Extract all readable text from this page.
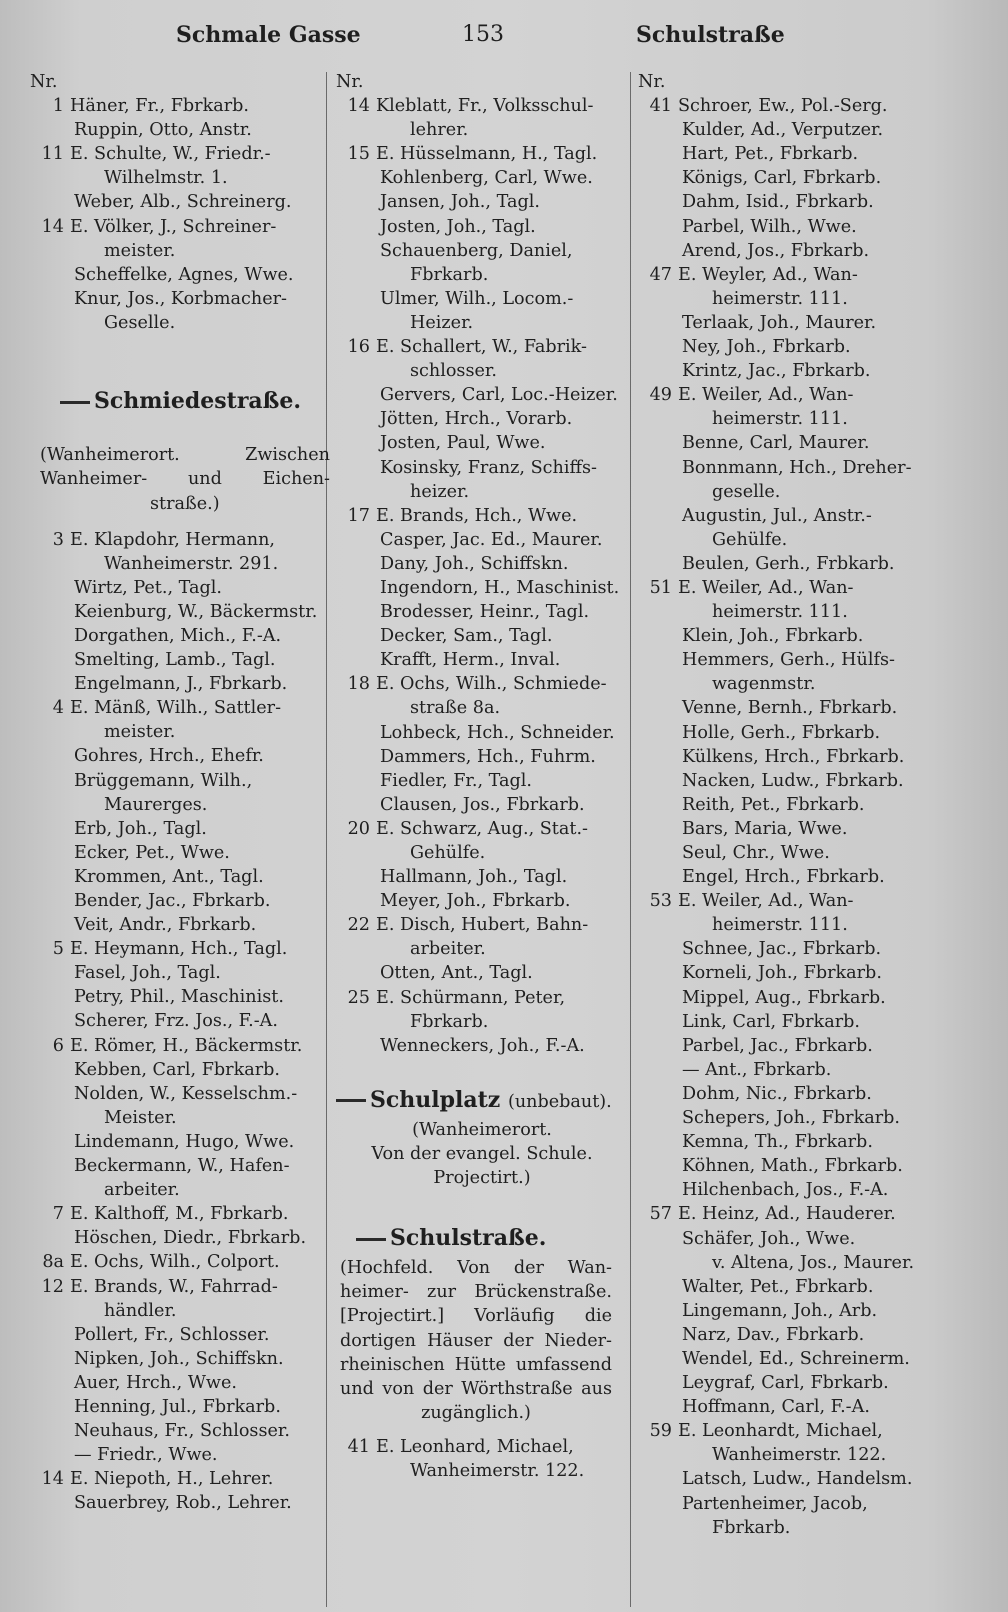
Schmale Gasse	153	Schulstraße
Nr.
1 Häner, Fr., Fbrkarb.
Ruppin, Otto, Anstr.
11 E. Schulte, W., Friedr.-
Wilhelmstr. 1.
Weber, Alb., Schreinerg.
14 E. Völker, J., Schreiner-
meister.
Scheffelke, Agnes, Wwe.
Knur, Jos., Korbmacher-
Geselle.
Schmiedestraße.
(Wanheimerort. Zwischen
Wanheimer- und Eichen-
straße.)
3 E. Klapdohr, Hermann,
Wanheimerstr. 291.
Wirtz, Pet., Tagl.
Keienburg, W., Bäckermstr.
Dorgathen, Mich., F.-A.
Smelting, Lamb., Tagl.
Engelmann, J., Fbrkarb.
4 E. Mänß, Wilh., Sattler-
meister.
Gohres, Hrch., Ehefr.
Brüggemann, Wilh.,
Maurerges.
Erb, Joh., Tagl.
Ecker, Pet., Wwe.
Krommen, Ant., Tagl.
Bender, Jac., Fbrkarb.
Veit, Andr., Fbrkarb.
5 E. Heymann, Hch., Tagl.
Fasel, Joh., Tagl.
Petry, Phil., Maschinist.
Scherer, Frz. Jos., F.-A.
6 E. Römer, H., Bäckermstr.
Kebben, Carl, Fbrkarb.
Nolden, W., Kesselschm.-
Meister.
Lindemann, Hugo, Wwe.
Beckermann, W., Hafen-
arbeiter.
7 E. Kalthoff, M., Fbrkarb.
Höschen, Diedr., Fbrkarb.
8a E. Ochs, Wilh., Colport.
12 E. Brands, W., Fahrrad-
händler.
Pollert, Fr., Schlosser.
Nipken, Joh., Schiffskn.
Auer, Hrch., Wwe.
Henning, Jul., Fbrkarb.
Neuhaus, Fr., Schlosser.
— Friedr., Wwe.
14 E. Niepoth, H., Lehrer.
Sauerbrey, Rob., Lehrer.
Nr.
14 Kleblatt, Fr., Volksschul-
lehrer.
15 E. Hüsselmann, H., Tagl.
Kohlenberg, Carl, Wwe.
Jansen, Joh., Tagl.
Josten, Joh., Tagl.
Schauenberg, Daniel,
Fbrkarb.
Ulmer, Wilh., Locom.-
Heizer.
16 E. Schallert, W., Fabrik-
schlosser.
Gervers, Carl, Loc.-Heizer.
Jötten, Hrch., Vorarb.
Josten, Paul, Wwe.
Kosinsky, Franz, Schiffs-
heizer.
17 E. Brands, Hch., Wwe.
Casper, Jac. Ed., Maurer.
Dany, Joh., Schiffskn.
Ingendorn, H., Maschinist.
Brodesser, Heinr., Tagl.
Decker, Sam., Tagl.
Krafft, Herm., Inval.
18 E. Ochs, Wilh., Schmiede-
straße 8a.
Lohbeck, Hch., Schneider.
Dammers, Hch., Fuhrm.
Fiedler, Fr., Tagl.
Clausen, Jos., Fbrkarb.
20 E. Schwarz, Aug., Stat.-
Gehülfe.
Hallmann, Joh., Tagl.
Meyer, Joh., Fbrkarb.
22 E. Disch, Hubert, Bahn-
arbeiter.
Otten, Ant., Tagl.
25 E. Schürmann, Peter,
Fbrkarb.
Wenneckers, Joh., F.-A.
Schulplatz (unbebaut).
(Wanheimerort.
Von der evangel. Schule.
Projectirt.)
Schulstraße.
(Hochfeld. Von der Wan-
heimer- zur Brückenstraße.
[Projectirt.] Vorläufig die
dortigen Häuser der Nieder-
rheinischen Hütte umfassend
und von der Wörthstraße aus
zugänglich.)
41 E. Leonhard, Michael,
Wanheimerstr. 122.
Nr.
41 Schroer, Ew., Pol.-Serg.
Kulder, Ad., Verputzer.
Hart, Pet., Fbrkarb.
Königs, Carl, Fbrkarb.
Dahm, Isid., Fbrkarb.
Parbel, Wilh., Wwe.
Arend, Jos., Fbrkarb.
47 E. Weyler, Ad., Wan-
heimerstr. 111.
Terlaak, Joh., Maurer.
Ney, Joh., Fbrkarb.
Krintz, Jac., Fbrkarb.
49 E. Weiler, Ad., Wan-
heimerstr. 111.
Benne, Carl, Maurer.
Bonnmann, Hch., Dreher-
geselle.
Augustin, Jul., Anstr.-
Gehülfe.
Beulen, Gerh., Frbkarb.
51 E. Weiler, Ad., Wan-
heimerstr. 111.
Klein, Joh., Fbrkarb.
Hemmers, Gerh., Hülfs-
wagenmstr.
Venne, Bernh., Fbrkarb.
Holle, Gerh., Fbrkarb.
Külkens, Hrch., Fbrkarb.
Nacken, Ludw., Fbrkarb.
Reith, Pet., Fbrkarb.
Bars, Maria, Wwe.
Seul, Chr., Wwe.
Engel, Hrch., Fbrkarb.
53 E. Weiler, Ad., Wan-
heimerstr. 111.
Schnee, Jac., Fbrkarb.
Korneli, Joh., Fbrkarb.
Mippel, Aug., Fbrkarb.
Link, Carl, Fbrkarb.
Parbel, Jac., Fbrkarb.
— Ant., Fbrkarb.
Dohm, Nic., Fbrkarb.
Schepers, Joh., Fbrkarb.
Kemna, Th., Fbrkarb.
Köhnen, Math., Fbrkarb.
Hilchenbach, Jos., F.-A.
57 E. Heinz, Ad., Hauderer.
Schäfer, Joh., Wwe.
v. Altena, Jos., Maurer.
Walter, Pet., Fbrkarb.
Lingemann, Joh., Arb.
Narz, Dav., Fbrkarb.
Wendel, Ed., Schreinerm.
Leygraf, Carl, Fbrkarb.
Hoffmann, Carl, F.-A.
59 E. Leonhardt, Michael,
Wanheimerstr. 122.
Latsch, Ludw., Handelsm.
Partenheimer, Jacob,
Fbrkarb.
